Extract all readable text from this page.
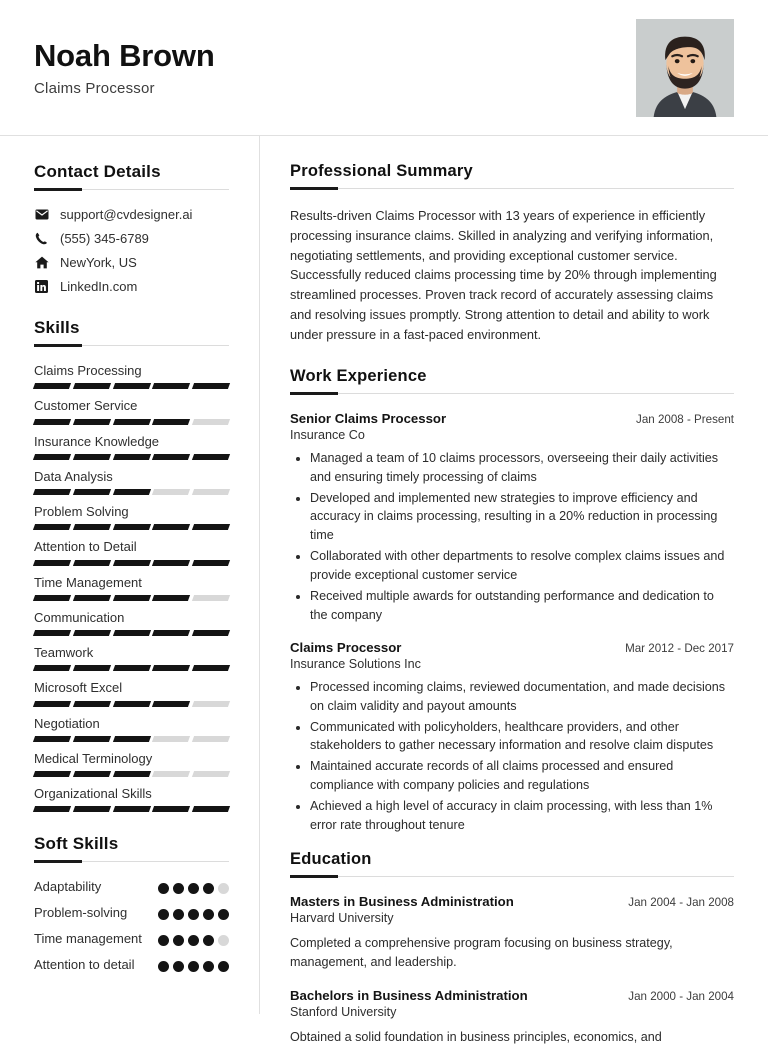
Noah Brown
Claims Processor
Contact Details
support@cvdesigner.ai
(555) 345-6789
NewYork, US
LinkedIn.com
Skills
Claims Processing
Customer Service
Insurance Knowledge
Data Analysis
Problem Solving
Attention to Detail
Time Management
Communication
Teamwork
Microsoft Excel
Negotiation
Medical Terminology
Organizational Skills
Soft Skills
Adaptability
Problem-solving
Time management
Attention to detail
Professional Summary
Results-driven Claims Processor with 13 years of experience in efficiently processing insurance claims. Skilled in analyzing and verifying information, negotiating settlements, and providing exceptional customer service. Successfully reduced claims processing time by 20% through implementing streamlined processes. Proven track record of accurately assessing claims and resolving issues promptly. Strong attention to detail and ability to work under pressure in a fast-paced environment.
Work Experience
Senior Claims Processor	Jan 2008 - Present
Insurance Co
• Managed a team of 10 claims processors, overseeing their daily activities and ensuring timely processing of claims
• Developed and implemented new strategies to improve efficiency and accuracy in claims processing, resulting in a 20% reduction in processing time
• Collaborated with other departments to resolve complex claims issues and provide exceptional customer service
• Received multiple awards for outstanding performance and dedication to the company
Claims Processor	Mar 2012 - Dec 2017
Insurance Solutions Inc
• Processed incoming claims, reviewed documentation, and made decisions on claim validity and payout amounts
• Communicated with policyholders, healthcare providers, and other stakeholders to gather necessary information and resolve claim disputes
• Maintained accurate records of all claims processed and ensured compliance with company policies and regulations
• Achieved a high level of accuracy in claim processing, with less than 1% error rate throughout tenure
Education
Masters in Business Administration	Jan 2004 - Jan 2008
Harvard University
Completed a comprehensive program focusing on business strategy, management, and leadership.
Bachelors in Business Administration	Jan 2000 - Jan 2004
Stanford University
Obtained a solid foundation in business principles, economics, and
